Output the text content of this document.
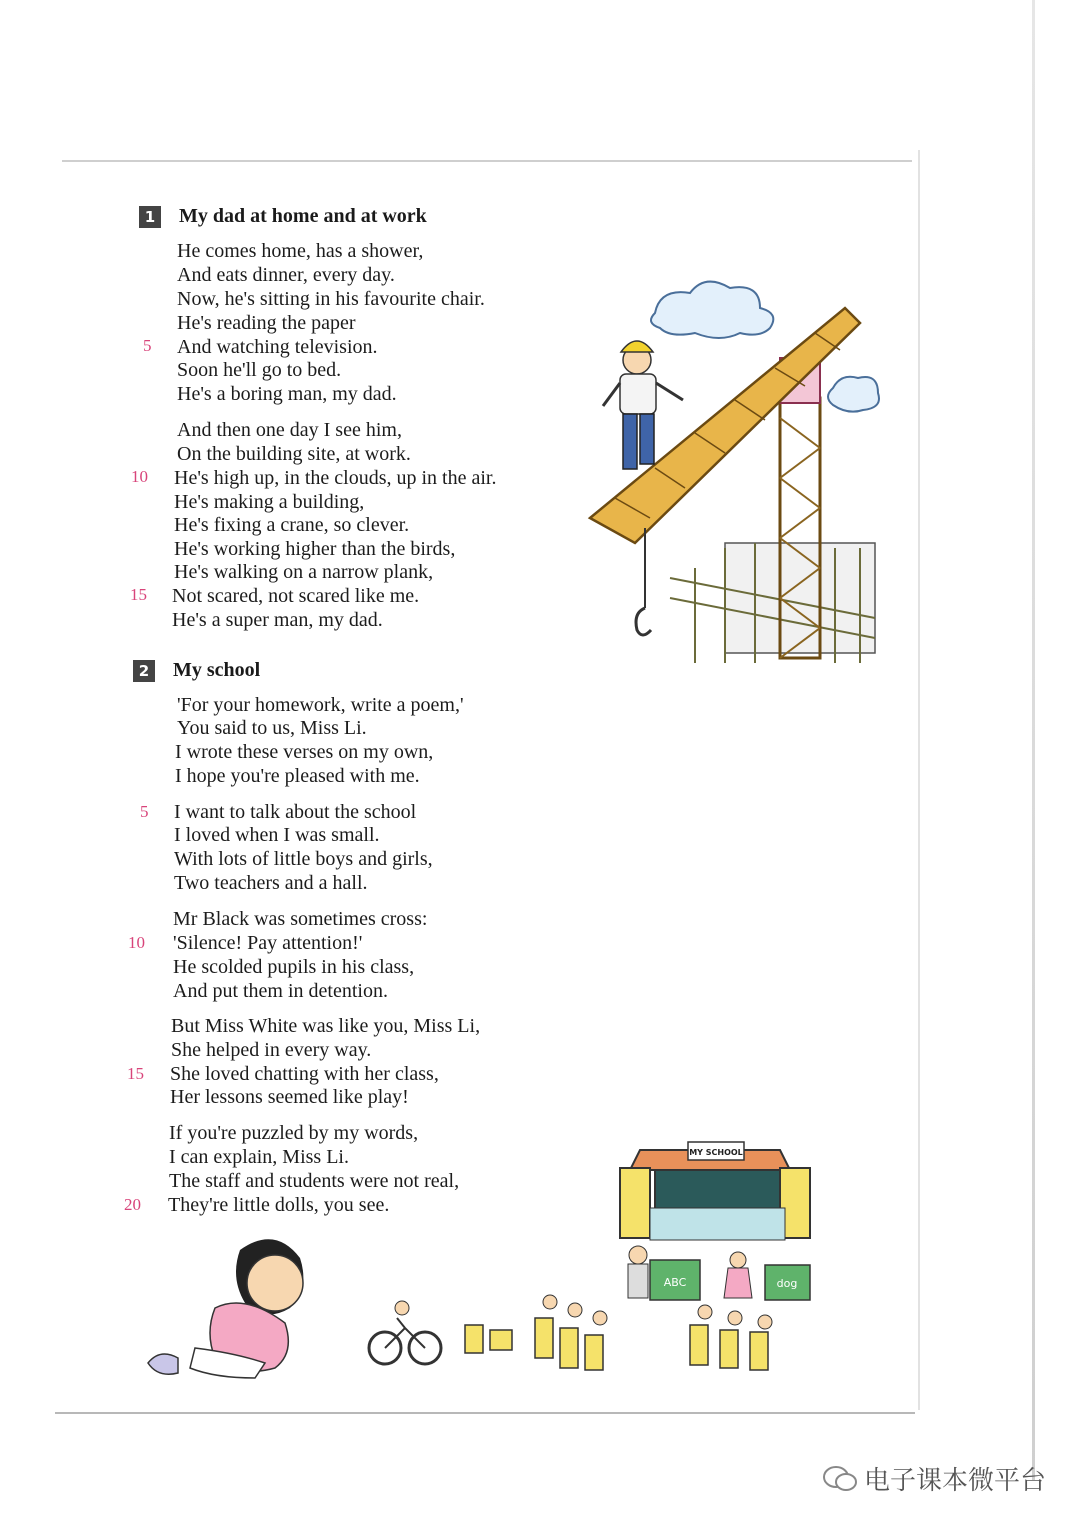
1 My dad at home and at work
He comes home, has a shower,
And eats dinner, every day.
Now, he's sitting in his favourite chair.
He's reading the paper
5 And watching television.
Soon he'll go to bed.
He's a boring man, my dad.
And then one day I see him,
On the building site, at work.
10 He's high up, in the clouds, up in the air.
He's making a building,
He's fixing a crane, so clever.
He's working higher than the birds,
He's walking on a narrow plank,
15 Not scared, not scared like me.
He's a super man, my dad.
2 My school
'For your homework, write a poem,'
You said to us, Miss Li.
I wrote these verses on my own,
I hope you're pleased with me.
5 I want to talk about the school
I loved when I was small.
With lots of little boys and girls,
Two teachers and a hall.
Mr Black was sometimes cross:
10 'Silence! Pay attention!'
He scolded pupils in his class,
And put them in detention.
But Miss White was like you, Miss Li,
She helped in every way.
15 She loved chatting with her class,
Her lessons seemed like play!
If you're puzzled by my words,
I can explain, Miss Li.
The staff and students were not real,
20 They're little dolls, you see.
MY SCHOOL
ABC	dog
电子课本微平台
